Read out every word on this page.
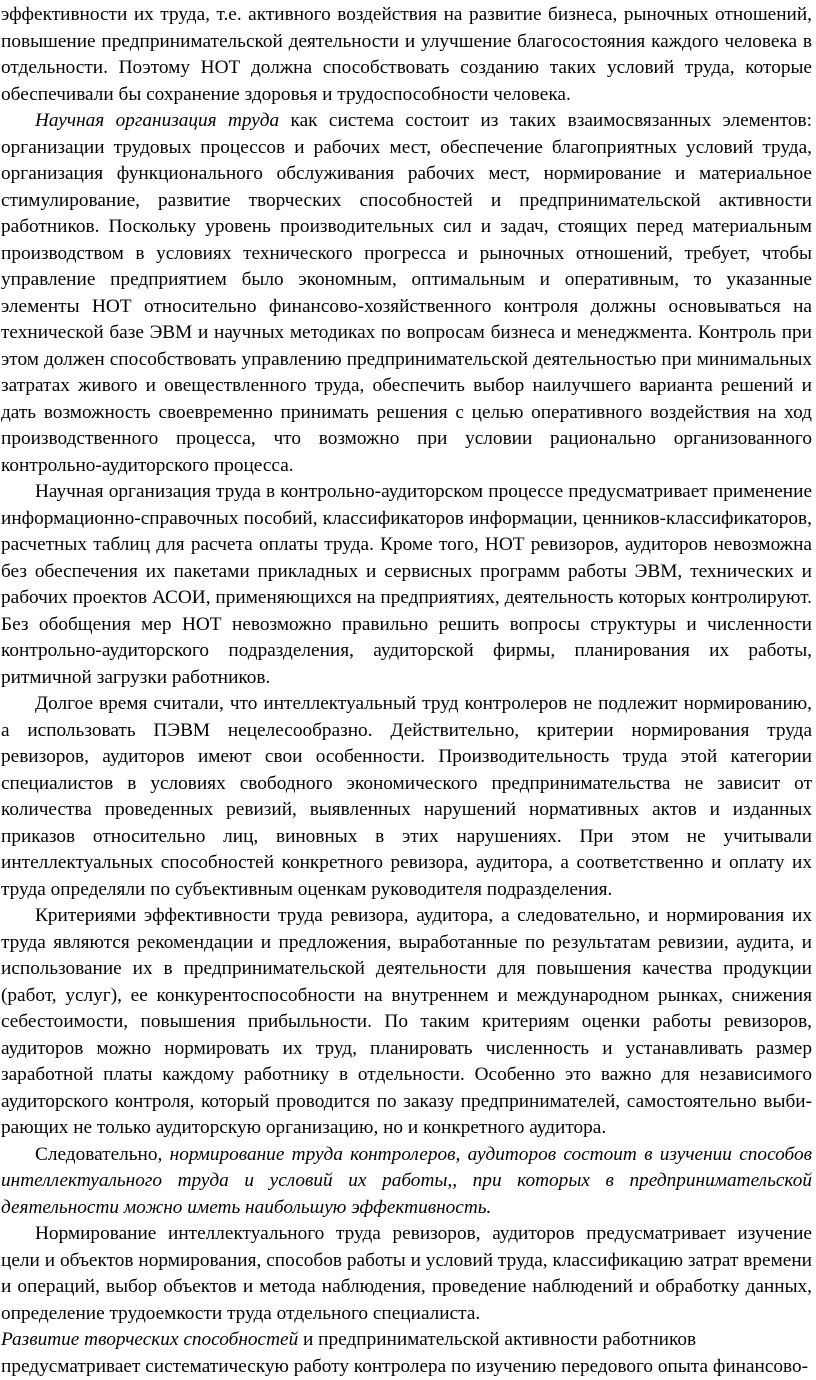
эффективности их труда, т.е. активного воздействия на развитие бизнеса, рыночных отношений, повышение предпринимательской деятельности и улучшение благосостояния каждого человека в отдельности. Поэтому НОТ должна способствовать созданию таких условий труда, которые обеспечивали бы сохранение здоровья и трудоспособности человека.

Научная организация труда как система состоит из таких взаимосвязанных элементов: организации трудовых процессов и рабочих мест, обеспечение благоприятных условий труда, организация функционального обслуживания рабочих мест, нормирование и материальное стимулирование, развитие творческих способностей и предпринимательской активности работников. Поскольку уровень производительных сил и задач, стоящих перед материальным производством в условиях технического прогресса и рыночных отношений, требует, чтобы управление предприятием было экономным, оптимальным и оперативным, то указанные элементы НОТ относительно финансово-хозяйственного контроля должны основываться на технической базе ЭВМ и научных методиках по вопросам бизнеса и менеджмента. Контроль при этом должен способствовать управлению предпринимательской деятельностью при минимальных затратах живого и овеществленного труда, обеспечить выбор наилучшего варианта решений и дать возможность своевременно принимать решения с целью оперативного воздействия на ход производственного процесса, что возможно при условии рационально организованного контрольно-аудиторского процесса.

Научная организация труда в контрольно-аудиторском процессе предусматривает применение информационно-справочных пособий, классификаторов информации, ценников-классификаторов, расчетных таблиц для расчета оплаты труда. Кроме того, НОТ ревизоров, аудиторов невозможна без обеспечения их пакетами прикладных и сервисных программ работы ЭВМ, технических и рабочих проектов АСОИ, применяющихся на предприятиях, деятельность которых контролируют. Без обобщения мер НОТ невозможно правильно решить вопросы структуры и численности контрольно-аудиторского подразделения, аудиторской фирмы, планирования их работы, ритмичной загрузки работников.

Долгое время считали, что интеллектуальный труд контролеров не подлежит нормированию, а использовать ПЭВМ нецелесообразно. Действительно, критерии нормирования труда ревизоров, аудиторов имеют свои особенности. Производительность труда этой категории специалистов в условиях свободного экономического предпринимательства не зависит от количества проведенных ревизий, выявленных нарушений нормативных актов и изданных приказов относительно лиц, виновных в этих нарушениях. При этом не учитывали интеллектуальных способностей конкретного ревизора, аудитора, а соответственно и оплату их труда определяли по субъективным оценкам руководителя подразделения.

Критериями эффективности труда ревизора, аудитора, а следовательно, и нормирования их труда являются рекомендации и предложения, выработанные по результатам ревизии, аудита, и использование их в предпринимательской деятельности для повышения качества продукции (работ, услуг), ее конкурентоспособности на внутреннем и международном рынках, снижения себестоимости, повышения прибыльности. По таким критериям оценки работы ревизоров, аудиторов можно нормировать их труд, планировать численность и устанавливать размер заработной платы каждому работнику в отдельности. Особенно это важно для независимого аудиторского контроля, который проводится по заказу предпринимателей, самостоятельно выбирающих не только аудиторскую организацию, но и конкретного аудитора.

Следовательно, нормирование труда контролеров, аудиторов состоит в изучении способов интеллектуального труда и условий их работы,, при которых в предпринимательской деятельности можно иметь наибольшую эффективность.

Нормирование интеллектуального труда ревизоров, аудиторов предусматривает изучение цели и объектов нормирования, способов работы и условий труда, классификацию затрат времени и операций, выбор объектов и метода наблюдения, проведение наблюдений и обработку данных, определение трудоемкости труда отдельного специалиста.

Развитие творческих способностей и предпринимательской активности работников предусматривает систематическую работу контролера по изучению передового опыта финансово-
